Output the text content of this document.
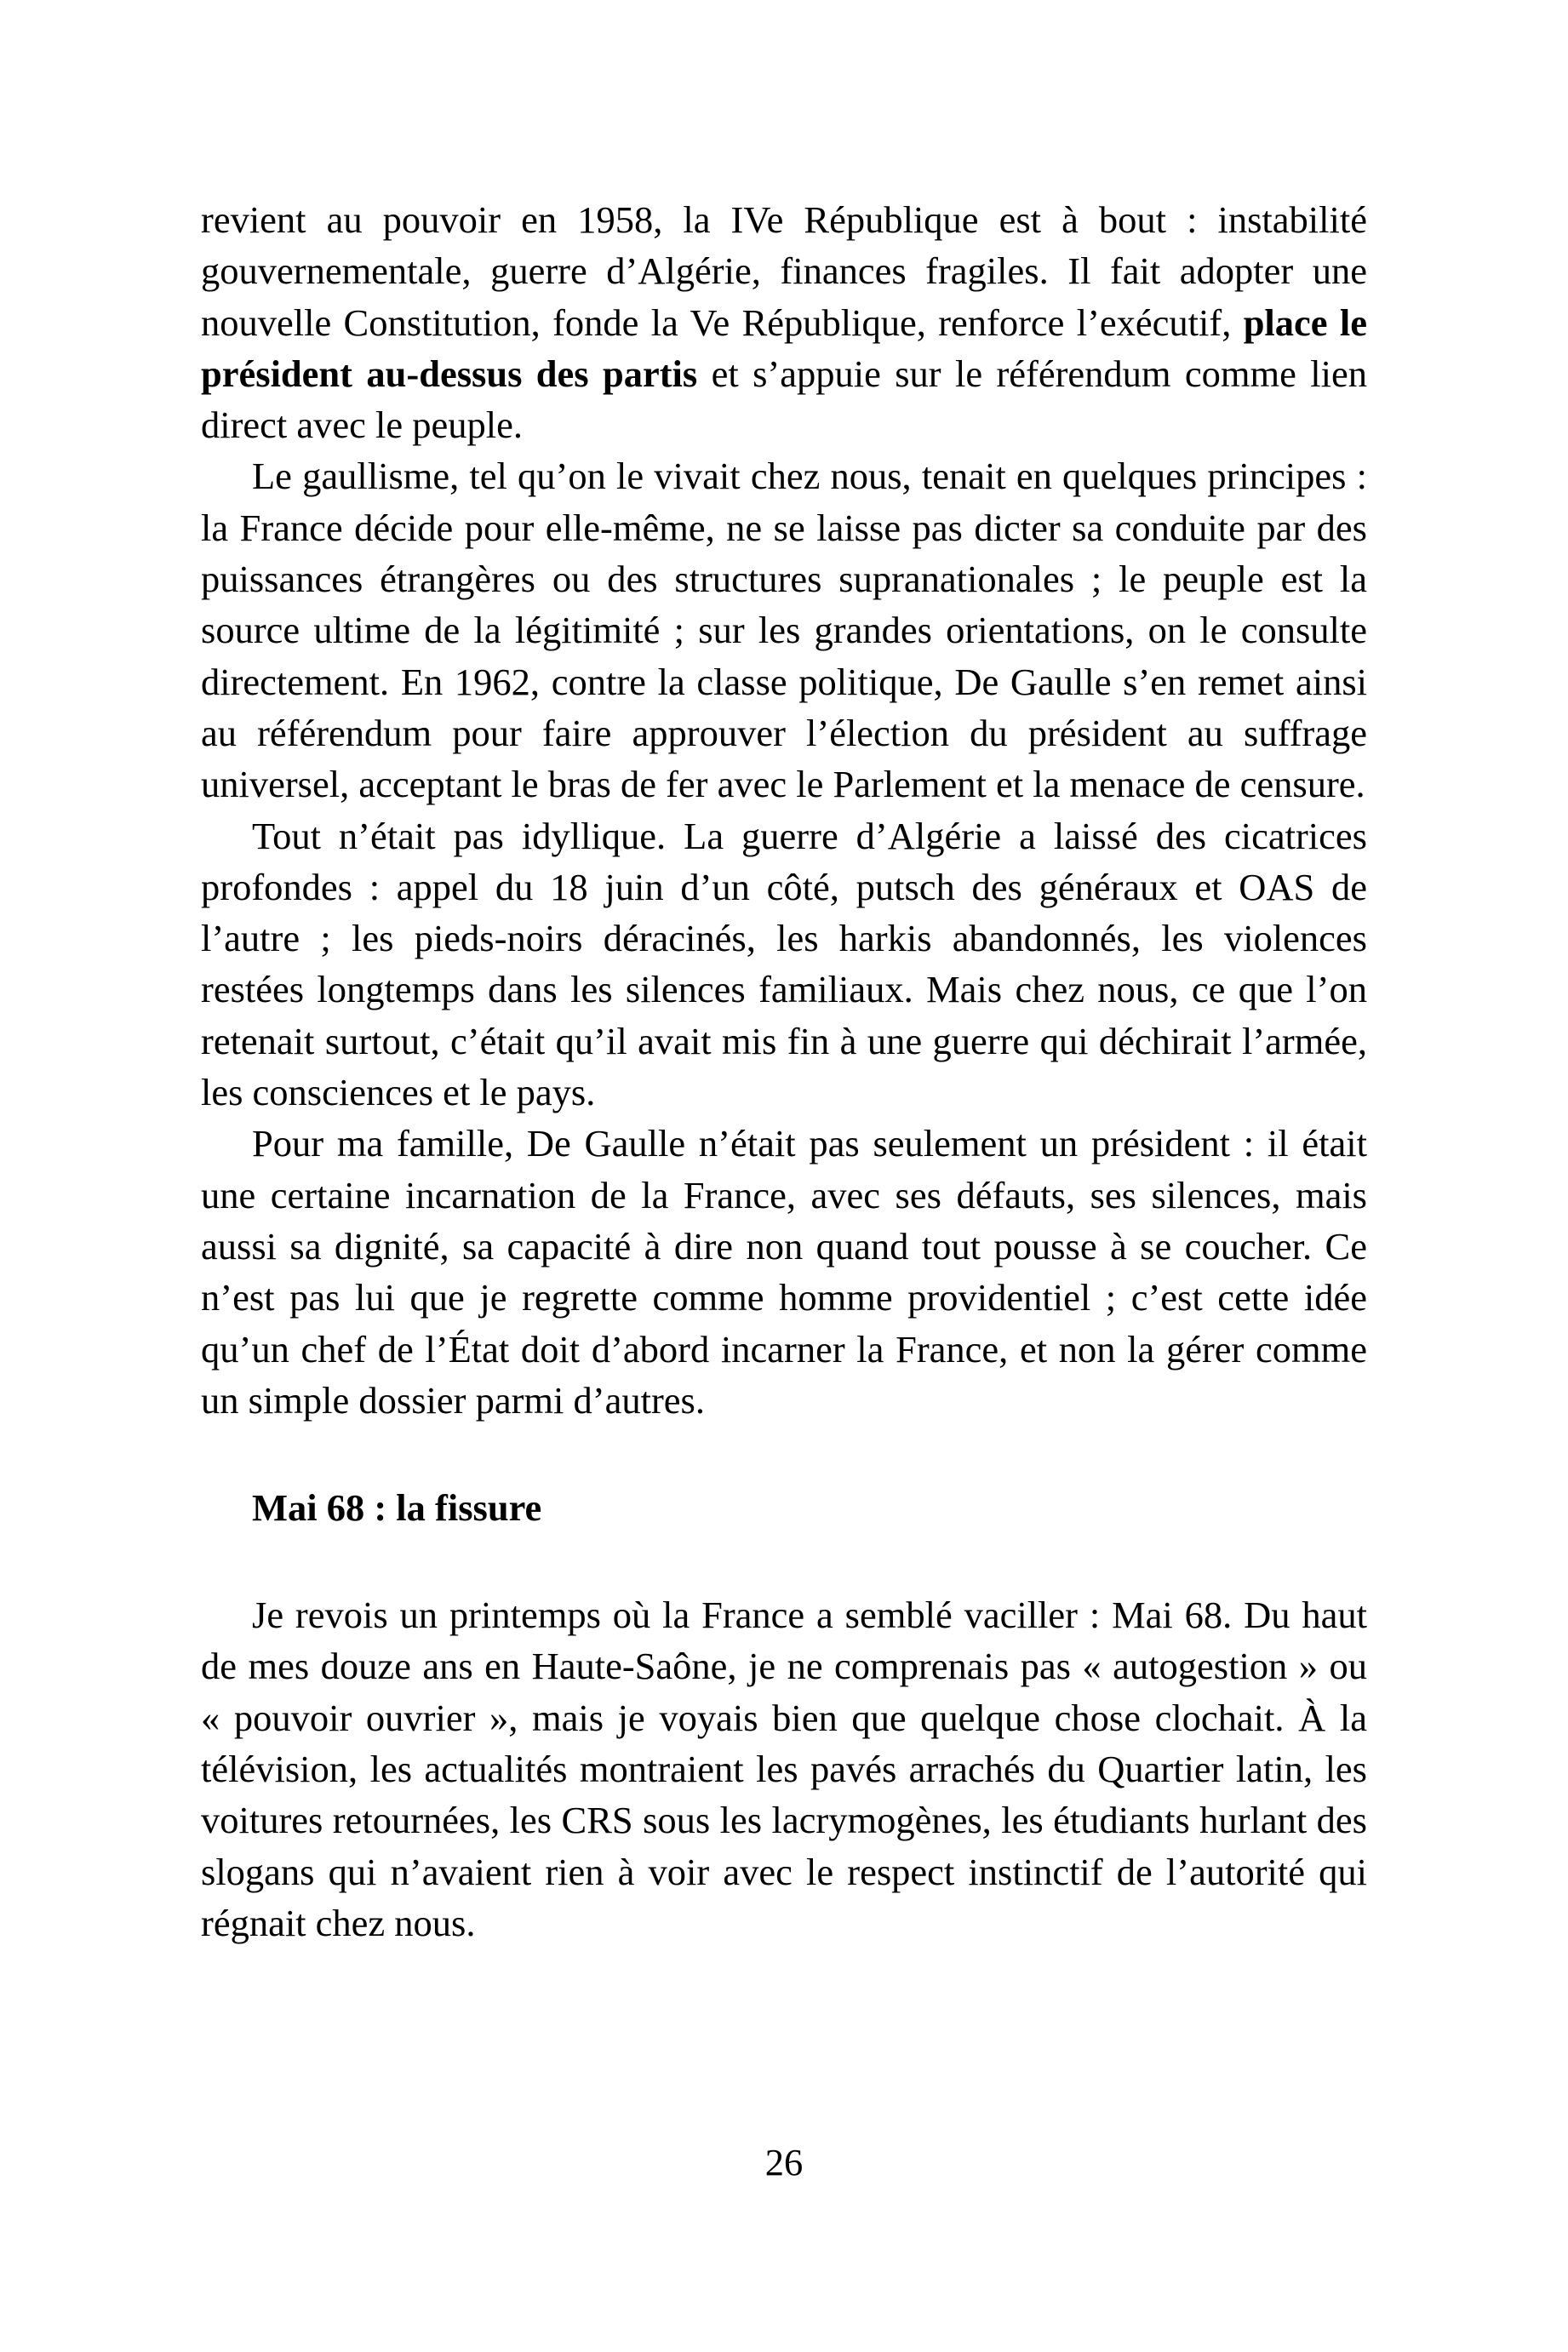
revient au pouvoir en 1958, la IVe République est à bout : instabilité gouvernementale, guerre d’Algérie, finances fragiles. Il fait adopter une nouvelle Constitution, fonde la Ve République, renforce l’exécutif, place le président au-dessus des partis et s’appuie sur le référendum comme lien direct avec le peuple.

Le gaullisme, tel qu’on le vivait chez nous, tenait en quelques principes : la France décide pour elle-même, ne se laisse pas dicter sa conduite par des puissances étrangères ou des structures supranationales ; le peuple est la source ultime de la légitimité ; sur les grandes orientations, on le consulte directement. En 1962, contre la classe politique, De Gaulle s’en remet ainsi au référendum pour faire approuver l’élection du président au suffrage universel, acceptant le bras de fer avec le Parlement et la menace de censure.

Tout n’était pas idyllique. La guerre d’Algérie a laissé des cicatrices profondes : appel du 18 juin d’un côté, putsch des généraux et OAS de l’autre ; les pieds-noirs déracinés, les harkis abandonnés, les violences restées longtemps dans les silences familiaux. Mais chez nous, ce que l’on retenait surtout, c’était qu’il avait mis fin à une guerre qui déchirait l’armée, les consciences et le pays.

Pour ma famille, De Gaulle n’était pas seulement un président : il était une certaine incarnation de la France, avec ses défauts, ses silences, mais aussi sa dignité, sa capacité à dire non quand tout pousse à se coucher. Ce n’est pas lui que je regrette comme homme providentiel ; c’est cette idée qu’un chef de l’État doit d’abord incarner la France, et non la gérer comme un simple dossier parmi d’autres.

Mai 68 : la fissure

Je revois un printemps où la France a semblé vaciller : Mai 68. Du haut de mes douze ans en Haute-Saône, je ne comprenais pas « autogestion » ou « pouvoir ouvrier », mais je voyais bien que quelque chose clochait. À la télévision, les actualités montraient les pavés arrachés du Quartier latin, les voitures retournées, les CRS sous les lacrymogènes, les étudiants hurlant des slogans qui n’avaient rien à voir avec le respect instinctif de l’autorité qui régnait chez nous.

26
